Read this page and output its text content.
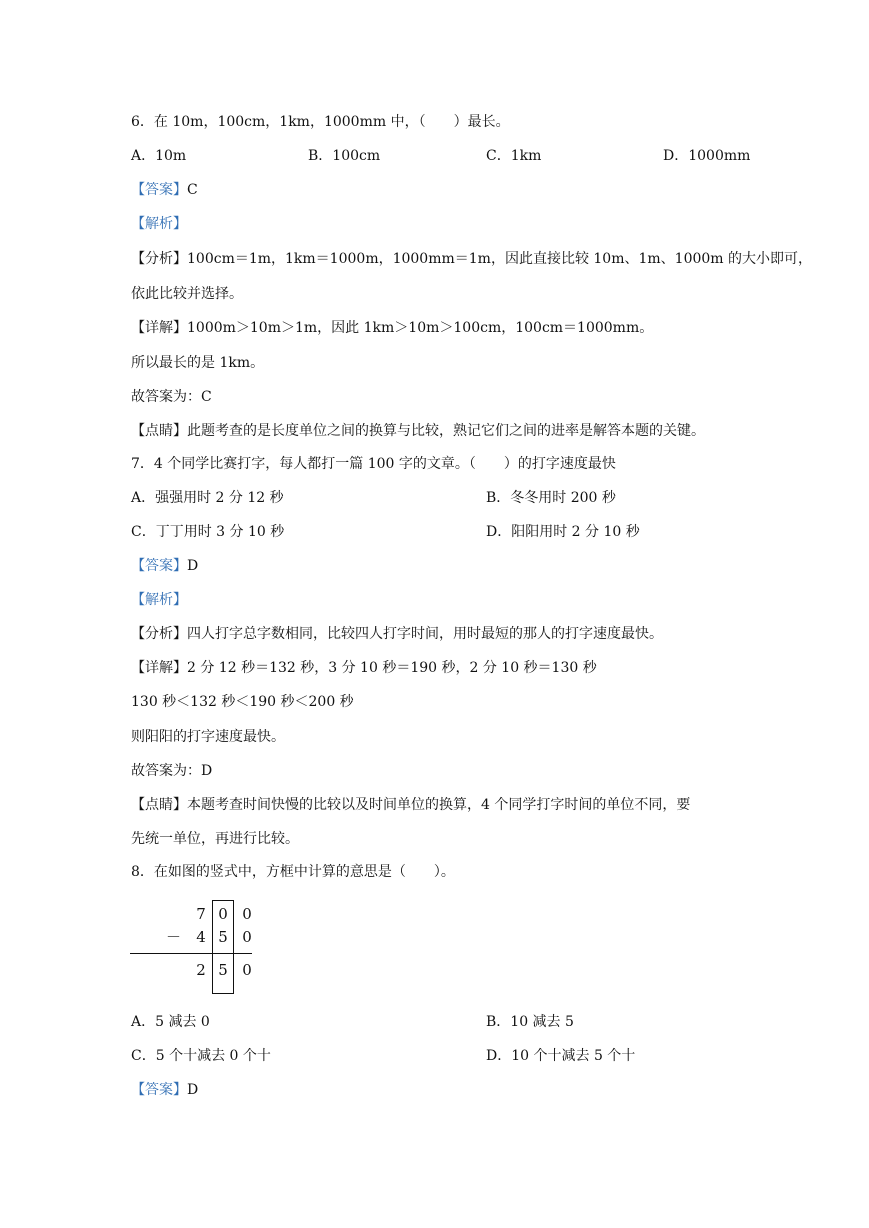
6．在 10m，100cm，1km，1000mm 中，（　　）最长。
A．10m	B．100cm	C．1km	D．1000mm
【答案】C
【解析】
【分析】100cm＝1m，1km＝1000m，1000mm＝1m，因此直接比较 10m、1m、1000m 的大小即可，
依此比较并选择。
【详解】1000m＞10m＞1m，因此 1km＞10m＞100cm，100cm＝1000mm。
所以最长的是 1km。
故答案为：C
【点睛】此题考查的是长度单位之间的换算与比较，熟记它们之间的进率是解答本题的关键。
7．4 个同学比赛打字，每人都打一篇 100 字的文章。（　　）的打字速度最快
A．强强用时 2 分 12 秒	B．冬冬用时 200 秒
C．丁丁用时 3 分 10 秒	D．阳阳用时 2 分 10 秒
【答案】D
【解析】
【分析】四人打字总字数相同，比较四人打字时间，用时最短的那人的打字速度最快。
【详解】2 分 12 秒＝132 秒，3 分 10 秒＝190 秒，2 分 10 秒＝130 秒
130 秒＜132 秒＜190 秒＜200 秒
则阳阳的打字速度最快。
故答案为：D
【点睛】本题考查时间快慢的比较以及时间单位的换算，4 个同学打字时间的单位不同，要
先统一单位，再进行比较。
8．在如图的竖式中，方框中计算的意思是（　　）。
7 0 0
－ 4 5 0
2 5 0
A．5 减去 0	B．10 减去 5
C．5 个十减去 0 个十	D．10 个十减去 5 个十
【答案】D
